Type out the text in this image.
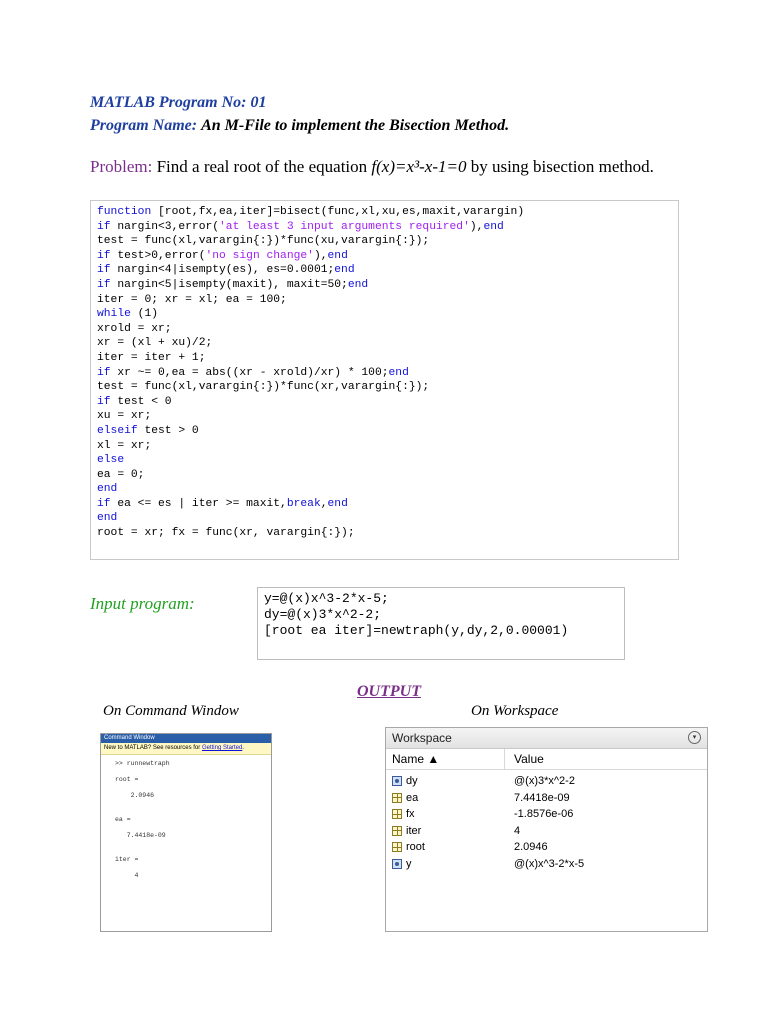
MATLAB Program No: 01
Program Name: An M-File to implement the Bisection Method.
Problem: Find a real root of the equation f(x)=x³-x-1=0 by using bisection method.
function [root,fx,ea,iter]=bisect(func,xl,xu,es,maxit,varargin)
if nargin<3,error('at least 3 input arguments required'),end
test = func(xl,varargin{:})*func(xu,varargin{:});
if test>0,error('no sign change'),end
if nargin<4|isempty(es), es=0.0001;end
if nargin<5|isempty(maxit), maxit=50;end
iter = 0; xr = xl; ea = 100;
while (1)
xrold = xr;
xr = (xl + xu)/2;
iter = iter + 1;
if xr ~= 0,ea = abs((xr - xrold)/xr) * 100;end
test = func(xl,varargin{:})*func(xr,varargin{:});
if test < 0
xu = xr;
elseif test > 0
xl = xr;
else
ea = 0;
end
if ea <= es | iter >= maxit,break,end
end
root = xr; fx = func(xr, varargin{:});
Input program:	y=@(x)x^3-2*x-5;
dy=@(x)3*x^2-2;
[root ea iter]=newtraph(y,dy,2,0.00001)
OUTPUT
On Command Window	On Workspace
Command Window
New to MATLAB? See resources for Getting Started.
>> runnewtraph

root =

2.0946

ea =

7.4418e-09

iter =

4
Workspace	▾
Name ▲	Value
dy	@(x)3*x^2-2
ea	7.4418e-09
fx	-1.8576e-06
iter	4
root	2.0946
y	@(x)x^3-2*x-5
